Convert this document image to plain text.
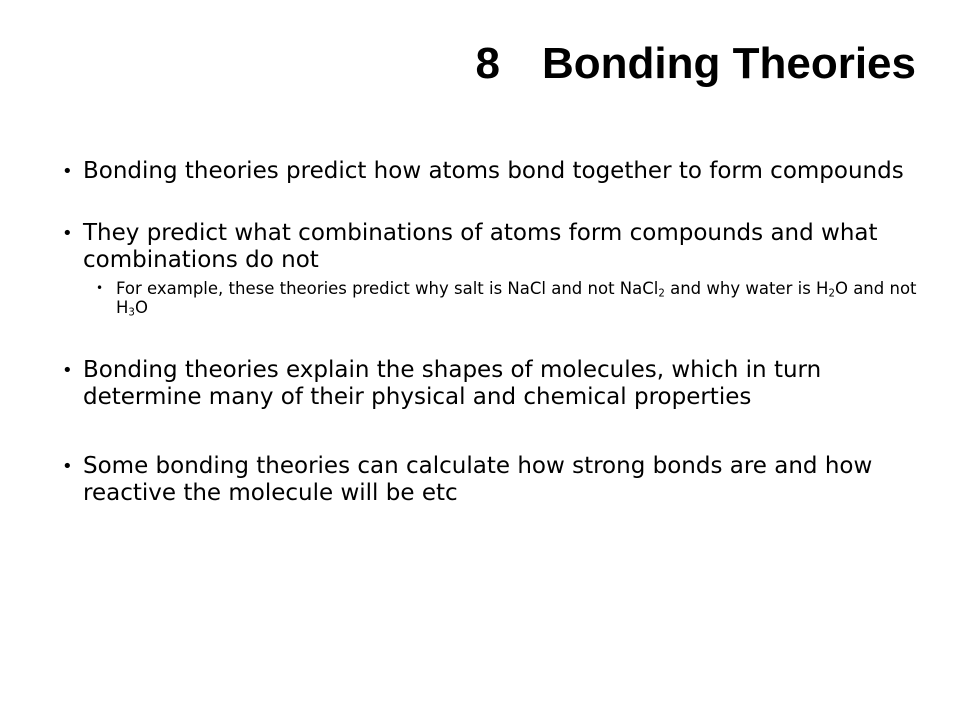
8 Bonding Theories
• Bonding theories predict how atoms bond together to form compounds
• They predict what combinations of atoms form compounds and what combinations do not
• For example, these theories predict why salt is NaCl and not NaCl$_2$ and why water is $H_2O$ and not $H_3O$
• Bonding theories explain the shapes of molecules, which in turn determine many of their physical and chemical properties
• Some bonding theories can calculate how strong bonds are and how reactive the molecule will be etc
